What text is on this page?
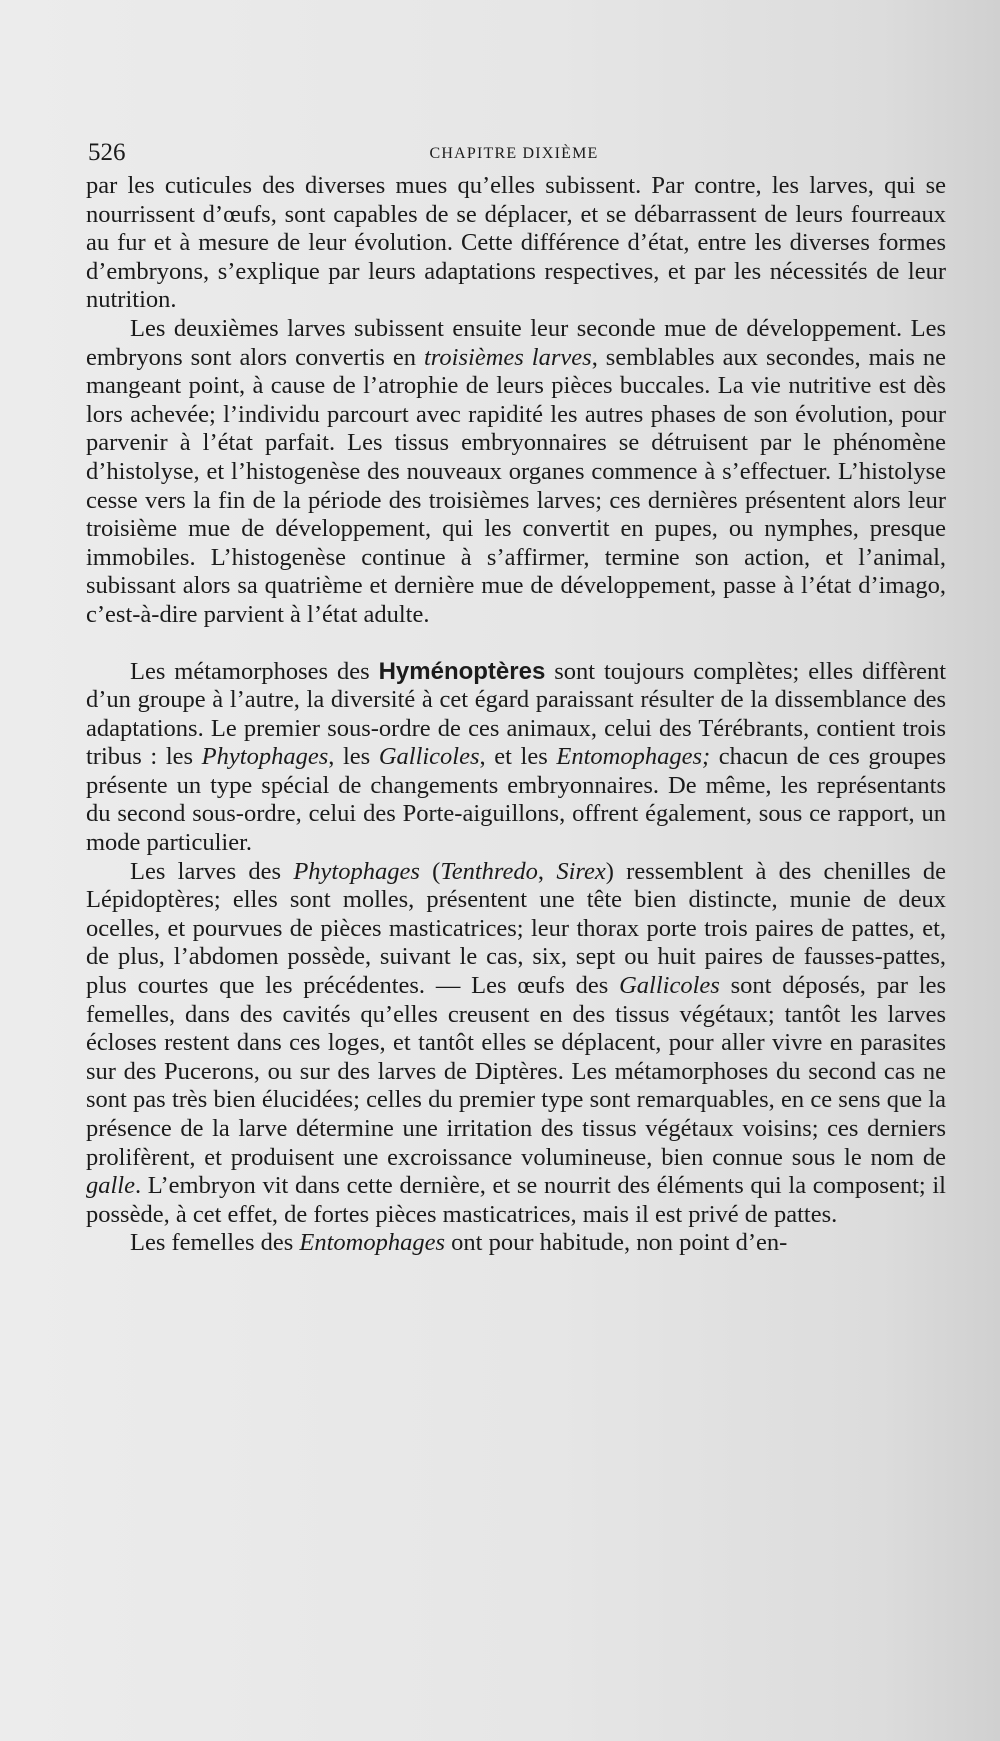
526	CHAPITRE DIXIÈME

par les cuticules des diverses mues qu’elles subissent. Par contre, les larves, qui se nourrissent d’œufs, sont capables de se déplacer, et se débarrassent de leurs fourreaux au fur et à mesure de leur évolution. Cette différence d’état, entre les diverses formes d’embryons, s’explique par leurs adaptations respectives, et par les nécessités de leur nutrition.

Les deuxièmes larves subissent ensuite leur seconde mue de développement. Les embryons sont alors convertis en troisièmes larves, semblables aux secondes, mais ne mangeant point, à cause de l’atrophie de leurs pièces buccales. La vie nutritive est dès lors achevée; l’individu parcourt avec rapidité les autres phases de son évolution, pour parvenir à l’état parfait. Les tissus embryonnaires se détruisent par le phénomène d’histolyse, et l’histogenèse des nouveaux organes commence à s’effectuer. L’histolyse cesse vers la fin de la période des troisièmes larves; ces dernières présentent alors leur troisième mue de développement, qui les convertit en pupes, ou nymphes, presque immobiles. L’histogenèse continue à s’affirmer, termine son action, et l’animal, subissant alors sa quatrième et dernière mue de développement, passe à l’état d’imago, c’est-à-dire parvient à l’état adulte.

Les métamorphoses des Hyménoptères sont toujours complètes; elles diffèrent d’un groupe à l’autre, la diversité à cet égard paraissant résulter de la dissemblance des adaptations. Le premier sous-ordre de ces animaux, celui des Térébrants, contient trois tribus : les Phytophages, les Gallicoles, et les Entomophages; chacun de ces groupes présente un type spécial de changements embryonnaires. De même, les représentants du second sous-ordre, celui des Porte-aiguillons, offrent également, sous ce rapport, un mode particulier.

Les larves des Phytophages (Tenthredo, Sirex) ressemblent à des chenilles de Lépidoptères; elles sont molles, présentent une tête bien distincte, munie de deux ocelles, et pourvues de pièces masticatrices; leur thorax porte trois paires de pattes, et, de plus, l’abdomen possède, suivant le cas, six, sept ou huit paires de fausses-pattes, plus courtes que les précédentes. — Les œufs des Gallicoles sont déposés, par les femelles, dans des cavités qu’elles creusent en des tissus végétaux; tantôt les larves écloses restent dans ces loges, et tantôt elles se déplacent, pour aller vivre en parasites sur des Pucerons, ou sur des larves de Diptères. Les métamorphoses du second cas ne sont pas très bien élucidées; celles du premier type sont remarquables, en ce sens que la présence de la larve détermine une irritation des tissus végétaux voisins; ces derniers prolifèrent, et produisent une excroissance volumineuse, bien connue sous le nom de galle. L’embryon vit dans cette dernière, et se nourrit des éléments qui la composent; il possède, à cet effet, de fortes pièces masticatrices, mais il est privé de pattes.

Les femelles des Entomophages ont pour habitude, non point d’en-
